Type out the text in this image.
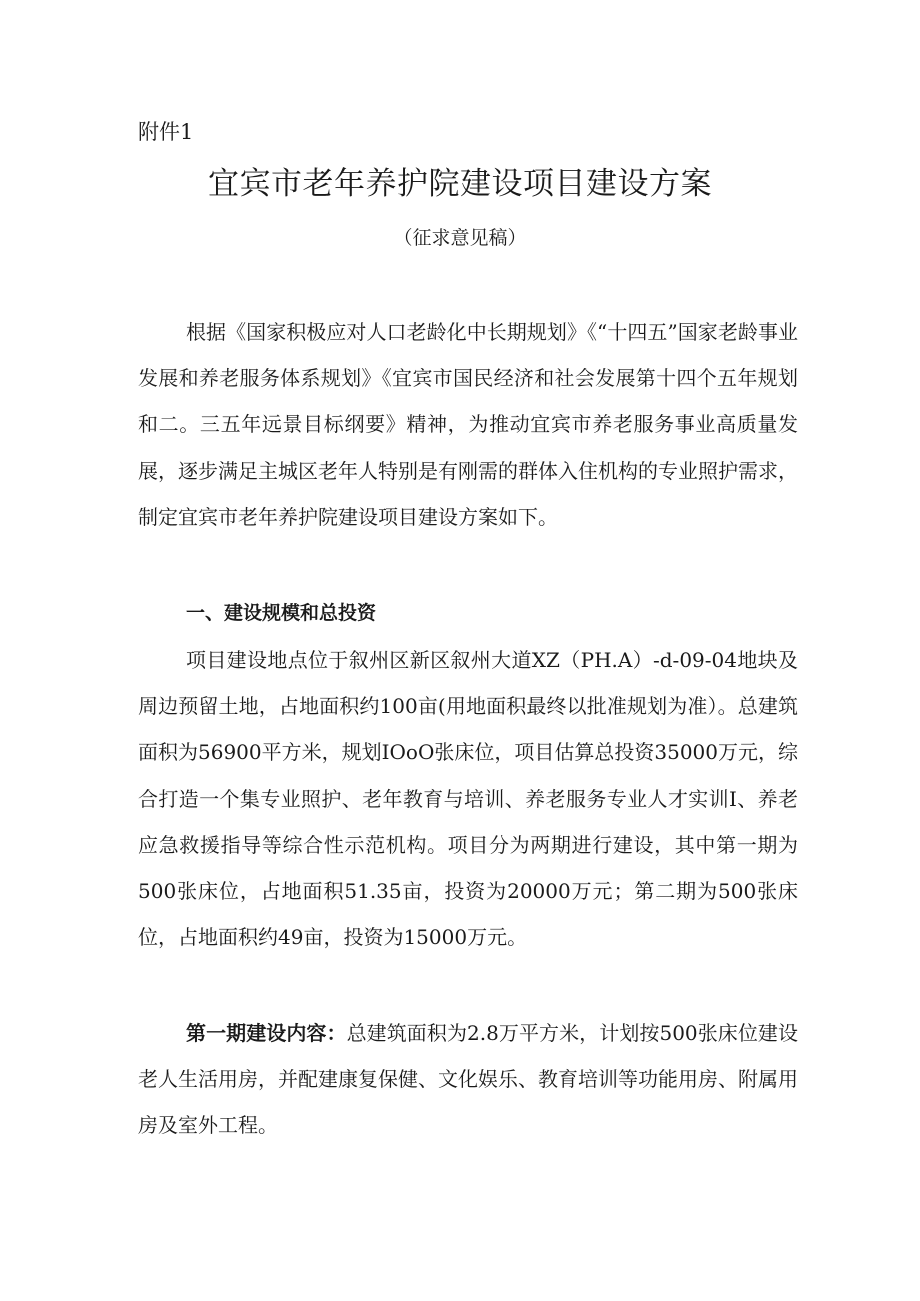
附件1
宜宾市老年养护院建设项目建设方案
（征求意见稿）

根据《国家积极应对人口老龄化中长期规划》《“十四五”国家老龄事业发展和养老服务体系规划》《宜宾市国民经济和社会发展第十四个五年规划和二。三五年远景目标纲要》精神，为推动宜宾市养老服务事业高质量发展，逐步满足主城区老年人特别是有刚需的群体入住机构的专业照护需求，制定宜宾市老年养护院建设项目建设方案如下。

一、建设规模和总投资

项目建设地点位于叙州区新区叙州大道XZ（PH.A）-d-09-04地块及周边预留土地，占地面积约100亩(用地面积最终以批准规划为准）。总建筑面积为56900平方米，规划IOoO张床位，项目估算总投资35000万元，综合打造一个集专业照护、老年教育与培训、养老服务专业人才实训I、养老应急救援指导等综合性示范机构。项目分为两期进行建设，其中第一期为500张床位，占地面积51.35亩，投资为20000万元；第二期为500张床位，占地面积约49亩，投资为15000万元。

第一期建设内容：总建筑面积为2.8万平方米，计划按500张床位建设老人生活用房，并配建康复保健、文化娱乐、教育培训等功能用房、附属用房及室外工程。
